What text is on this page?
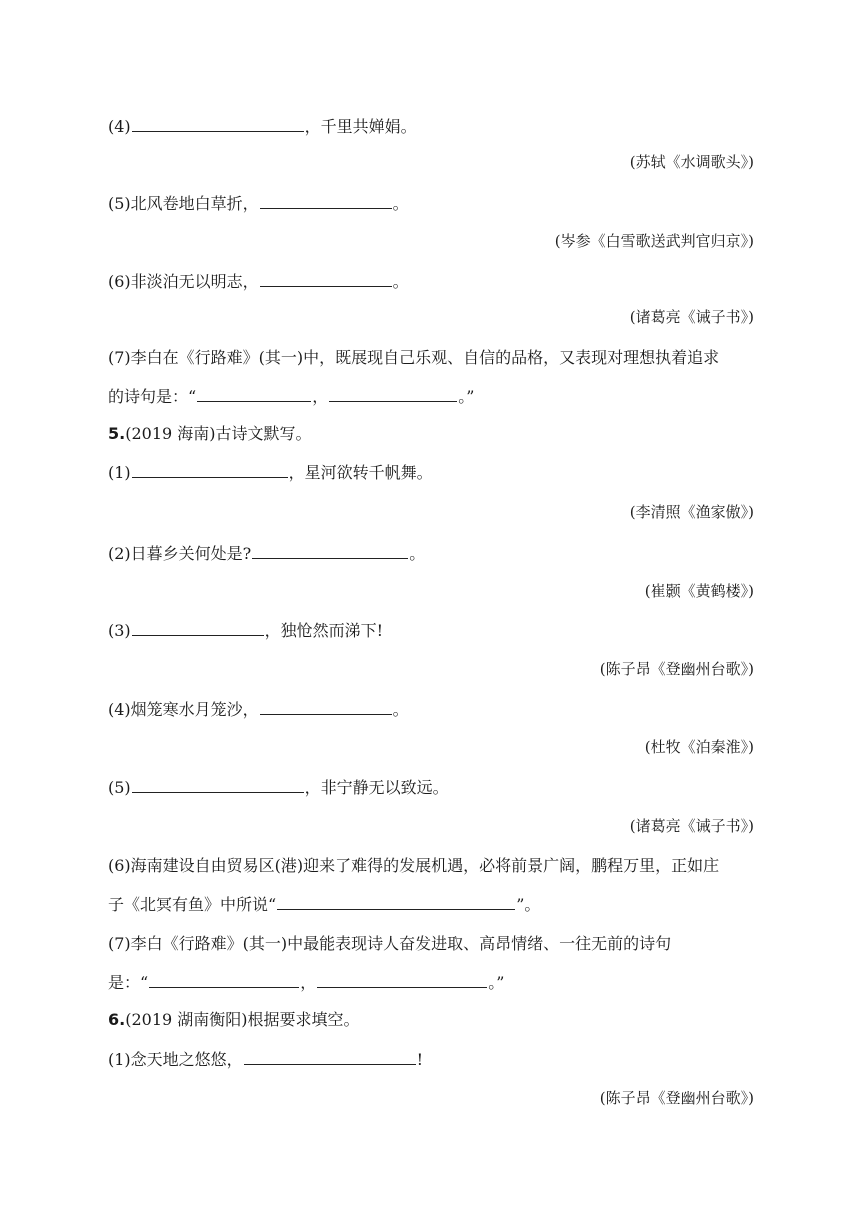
(4)	，千里共婵娟。
(苏轼《水调歌头》)
(5)北风卷地白草折，	。
(岑参《白雪歌送武判官归京》)
(6)非淡泊无以明志，	。
(诸葛亮《诫子书》)
(7)李白在《行路难》(其一)中，既展现自己乐观、自信的品格，又表现对理想执着追求
的诗句是：“	，	。”
5.(2019 海南)古诗文默写。
(1)	，星河欲转千帆舞。
(李清照《渔家傲》)
(2)日暮乡关何处是?	。
(崔颢《黄鹤楼》)
(3)	，独怆然而涕下!
(陈子昂《登幽州台歌》)
(4)烟笼寒水月笼沙，	。
(杜牧《泊秦淮》)
(5)	，非宁静无以致远。
(诸葛亮《诫子书》)
(6)海南建设自由贸易区(港)迎来了难得的发展机遇，必将前景广阔，鹏程万里，正如庄
子《北冥有鱼》中所说“	”。
(7)李白《行路难》(其一)中最能表现诗人奋发进取、高昂情绪、一往无前的诗句
是：“	，	。”
6.(2019 湖南衡阳)根据要求填空。
(1)念天地之悠悠，	!
(陈子昂《登幽州台歌》)
